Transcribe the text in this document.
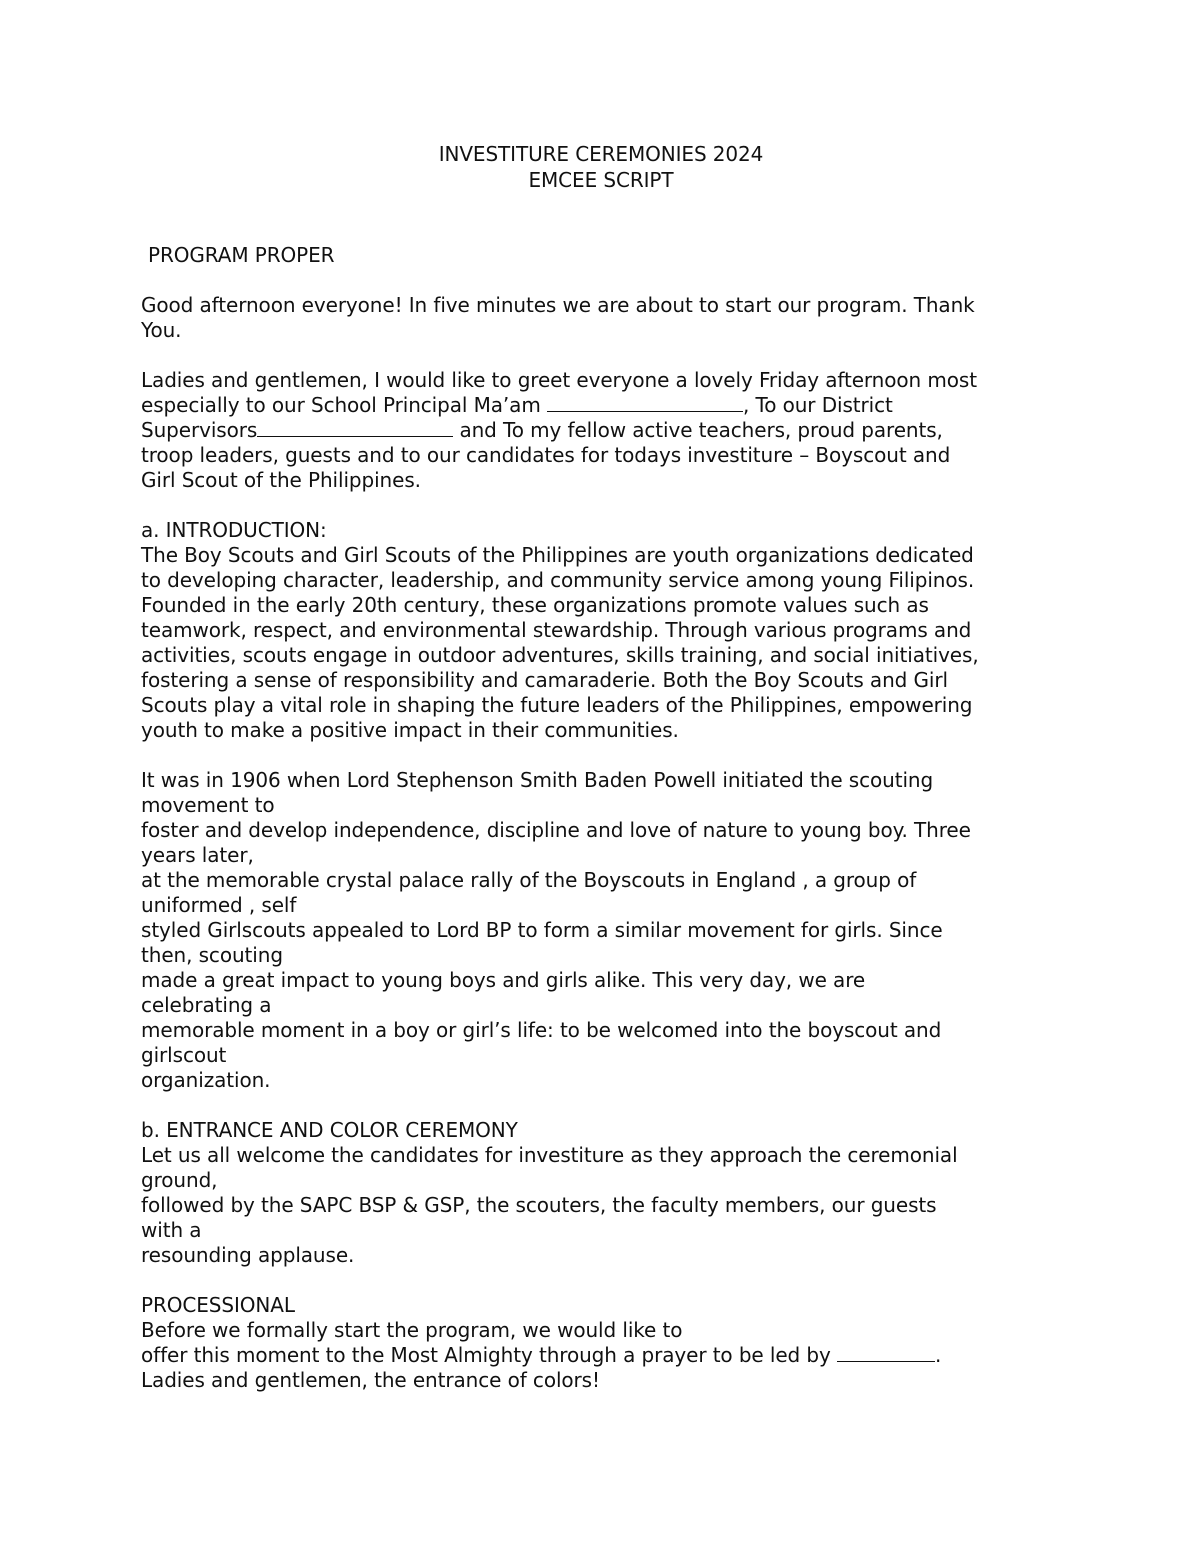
INVESTITURE CEREMONIES 2024
EMCEE SCRIPT
PROGRAM PROPER
Good afternoon everyone! In five minutes we are about to start our program. Thank
You.
Ladies and gentlemen, I would like to greet everyone a lovely Friday afternoon most
especially to our School Principal Ma’am	, To our District
Supervisors	and To my fellow active teachers, proud parents,
troop leaders, guests and to our candidates for todays investiture – Boyscout and
Girl Scout of the Philippines.
a. INTRODUCTION:
The Boy Scouts and Girl Scouts of the Philippines are youth organizations dedicated
to developing character, leadership, and community service among young Filipinos.
Founded in the early 20th century, these organizations promote values such as
teamwork, respect, and environmental stewardship. Through various programs and
activities, scouts engage in outdoor adventures, skills training, and social initiatives,
fostering a sense of responsibility and camaraderie. Both the Boy Scouts and Girl
Scouts play a vital role in shaping the future leaders of the Philippines, empowering
youth to make a positive impact in their communities.
It was in 1906 when Lord Stephenson Smith Baden Powell initiated the scouting
movement to
foster and develop independence, discipline and love of nature to young boy. Three
years later,
at the memorable crystal palace rally of the Boyscouts in England , a group of
uniformed , self
styled Girlscouts appealed to Lord BP to form a similar movement for girls. Since
then, scouting
made a great impact to young boys and girls alike. This very day, we are
celebrating a
memorable moment in a boy or girl’s life: to be welcomed into the boyscout and
girlscout
organization.
b. ENTRANCE AND COLOR CEREMONY
Let us all welcome the candidates for investiture as they approach the ceremonial
ground,
followed by the SAPC BSP & GSP, the scouters, the faculty members, our guests
with a
resounding applause.
PROCESSIONAL
Before we formally start the program, we would like to
offer this moment to the Most Almighty through a prayer to be led by	.
Ladies and gentlemen, the entrance of colors!
